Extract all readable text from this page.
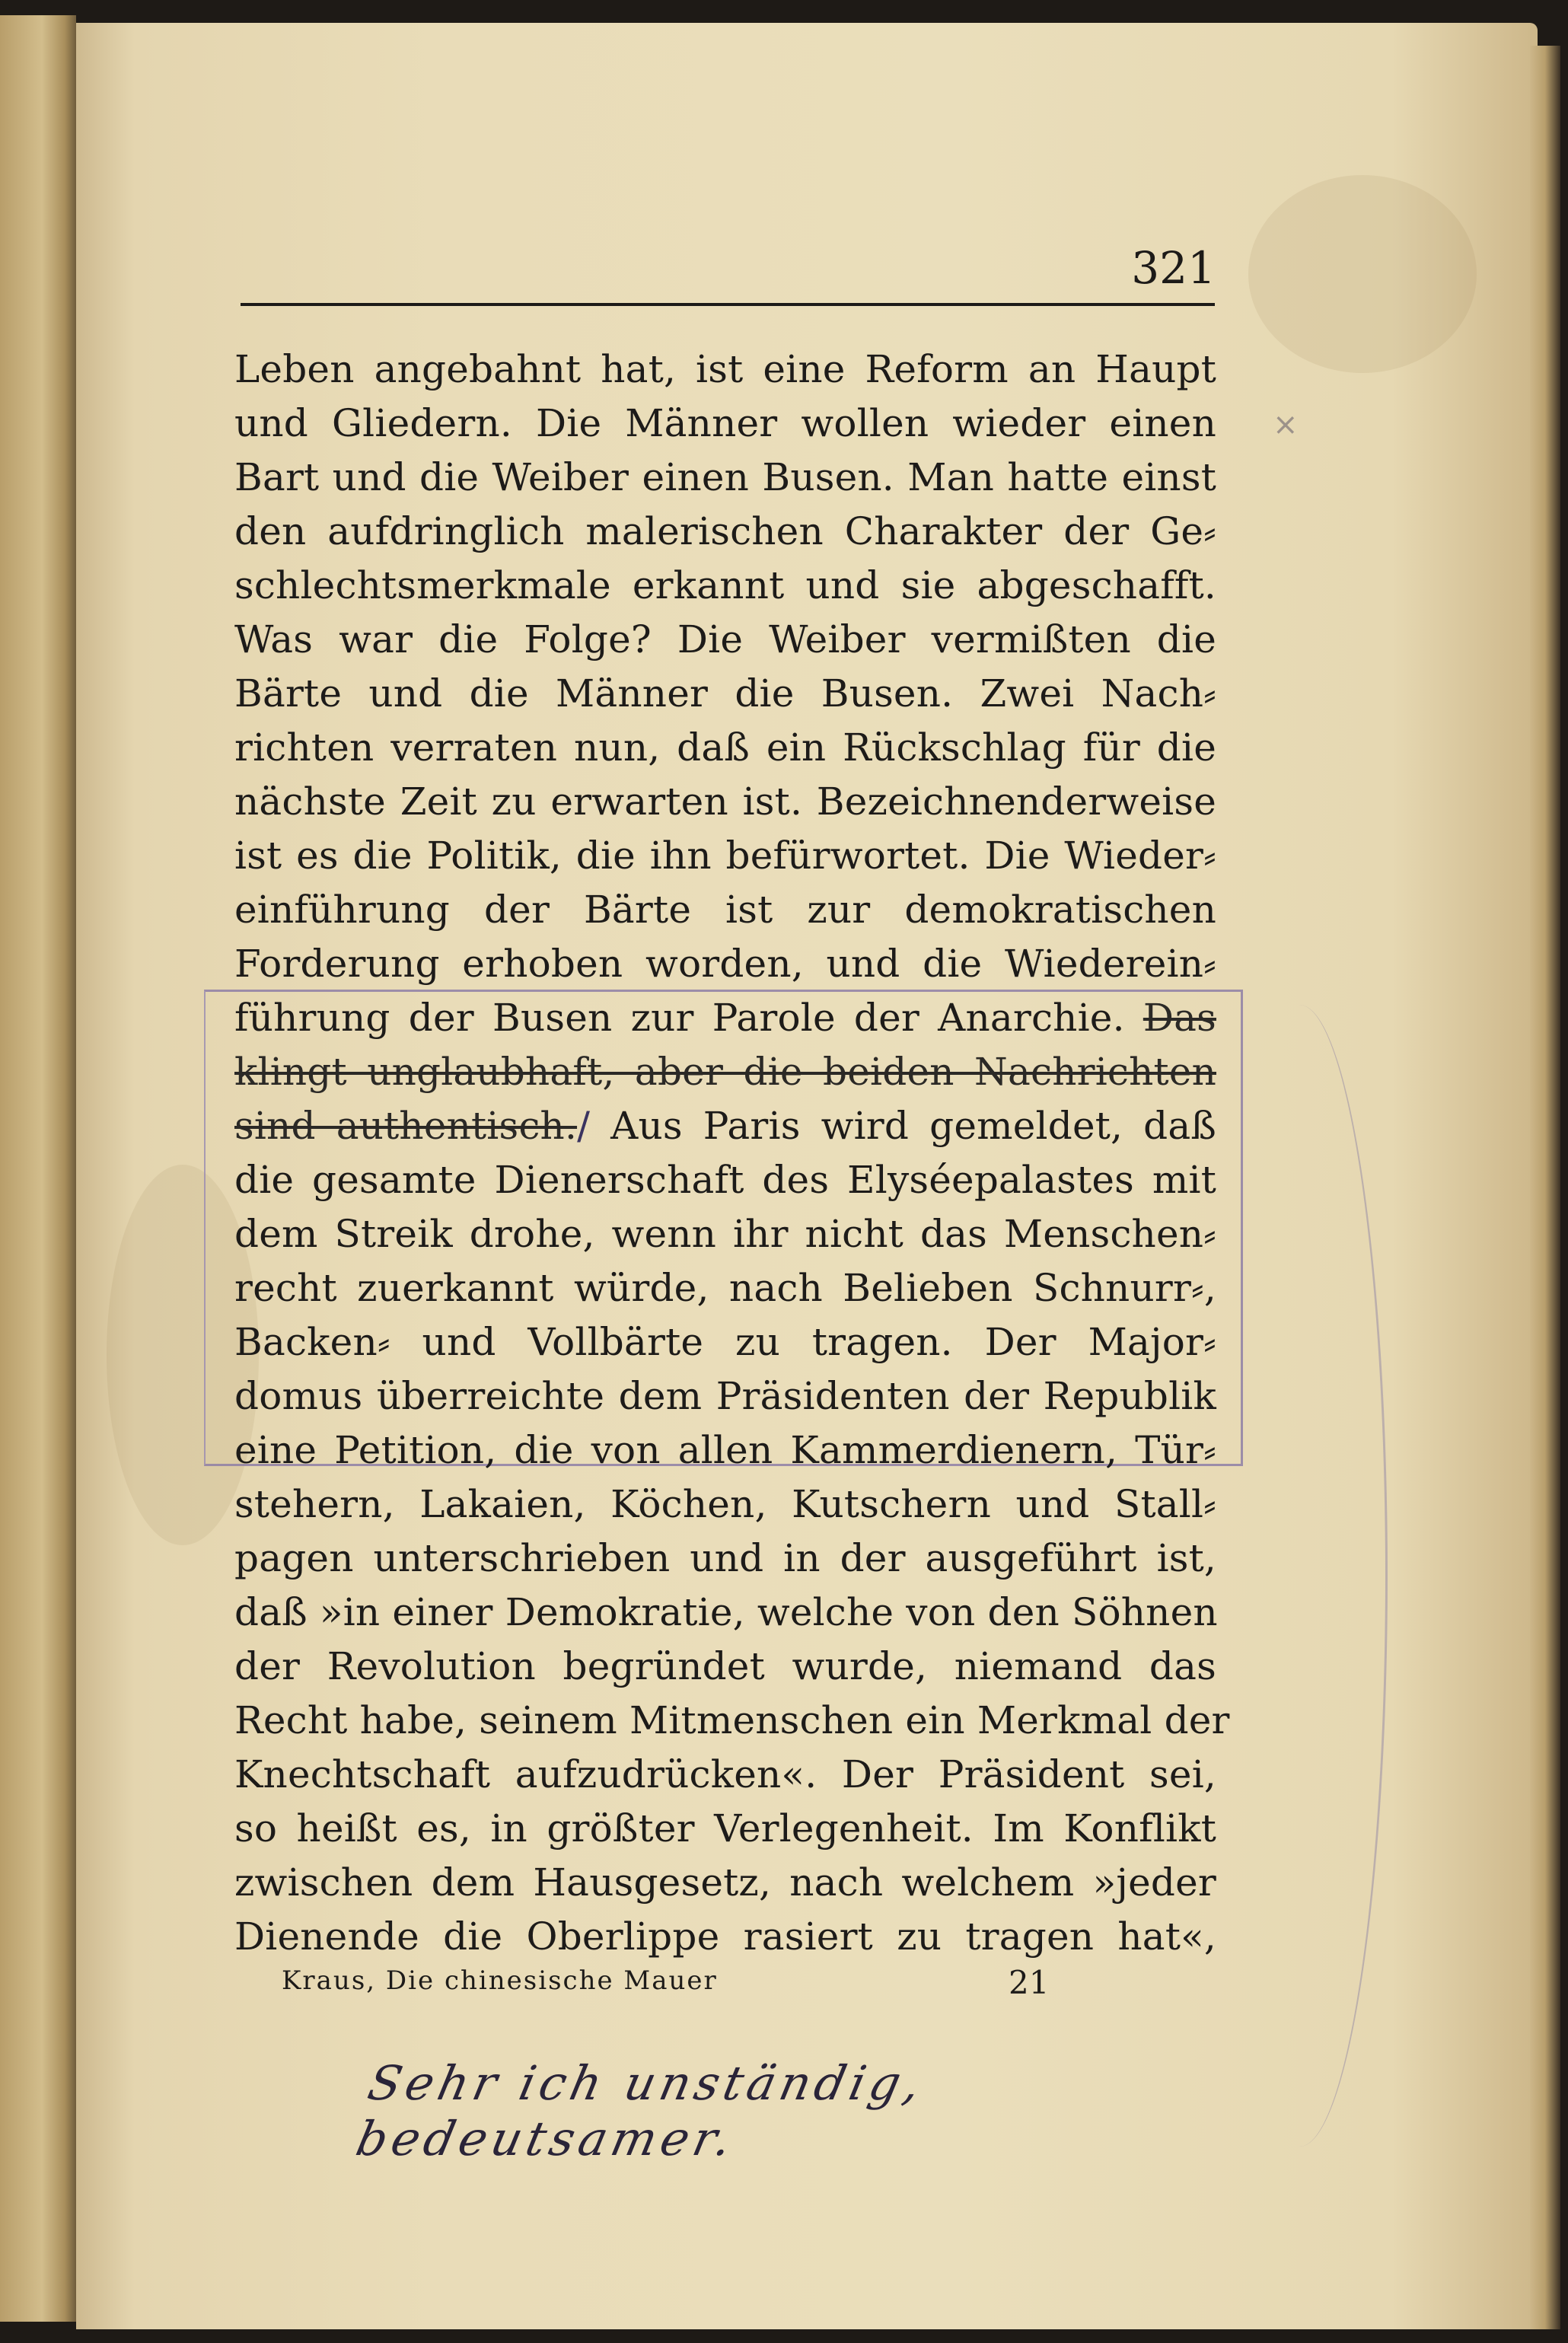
321
×
Leben angebahnt hat, ist eine Reform an Haupt
und Gliedern. Die Männer wollen wieder einen
Bart und die Weiber einen Busen. Man hatte einst
den aufdringlich malerischen Charakter der Ge⸗
schlechtsmerkmale erkannt und sie abgeschafft.
Was war die Folge? Die Weiber vermißten die
Bärte und die Männer die Busen. Zwei Nach⸗
richten verraten nun, daß ein Rückschlag für die
nächste Zeit zu erwarten ist. Bezeichnenderweise
ist es die Politik, die ihn befürwortet. Die Wieder⸗
einführung der Bärte ist zur demokratischen
Forderung erhoben worden, und die Wiederein⸗
führung der Busen zur Parole der Anarchie. Das
klingt unglaubhaft, aber die beiden Nachrichten
sind authentisch./ Aus Paris wird gemeldet, daß
die gesamte Dienerschaft des Elyséepalastes mit
dem Streik drohe, wenn ihr nicht das Menschen⸗
recht zuerkannt würde, nach Belieben Schnurr⸗,
Backen⸗ und Vollbärte zu tragen. Der Major⸗
domus überreichte dem Präsidenten der Republik
eine Petition, die von allen Kammerdienern, Tür⸗
stehern, Lakaien, Köchen, Kutschern und Stall⸗
pagen unterschrieben und in der ausgeführt ist,
daß »in einer Demokratie, welche von den Söhnen
der Revolution begründet wurde, niemand das
Recht habe, seinem Mitmenschen ein Merkmal der
Knechtschaft aufzudrücken«. Der Präsident sei,
so heißt es, in größter Verlegenheit. Im Konflikt
zwischen dem Hausgesetz, nach welchem »jeder
Dienende die Oberlippe rasiert zu tragen hat«,
Kraus, Die chinesische Mauer	21
Sehr ich unständig, bedeutsamer.
